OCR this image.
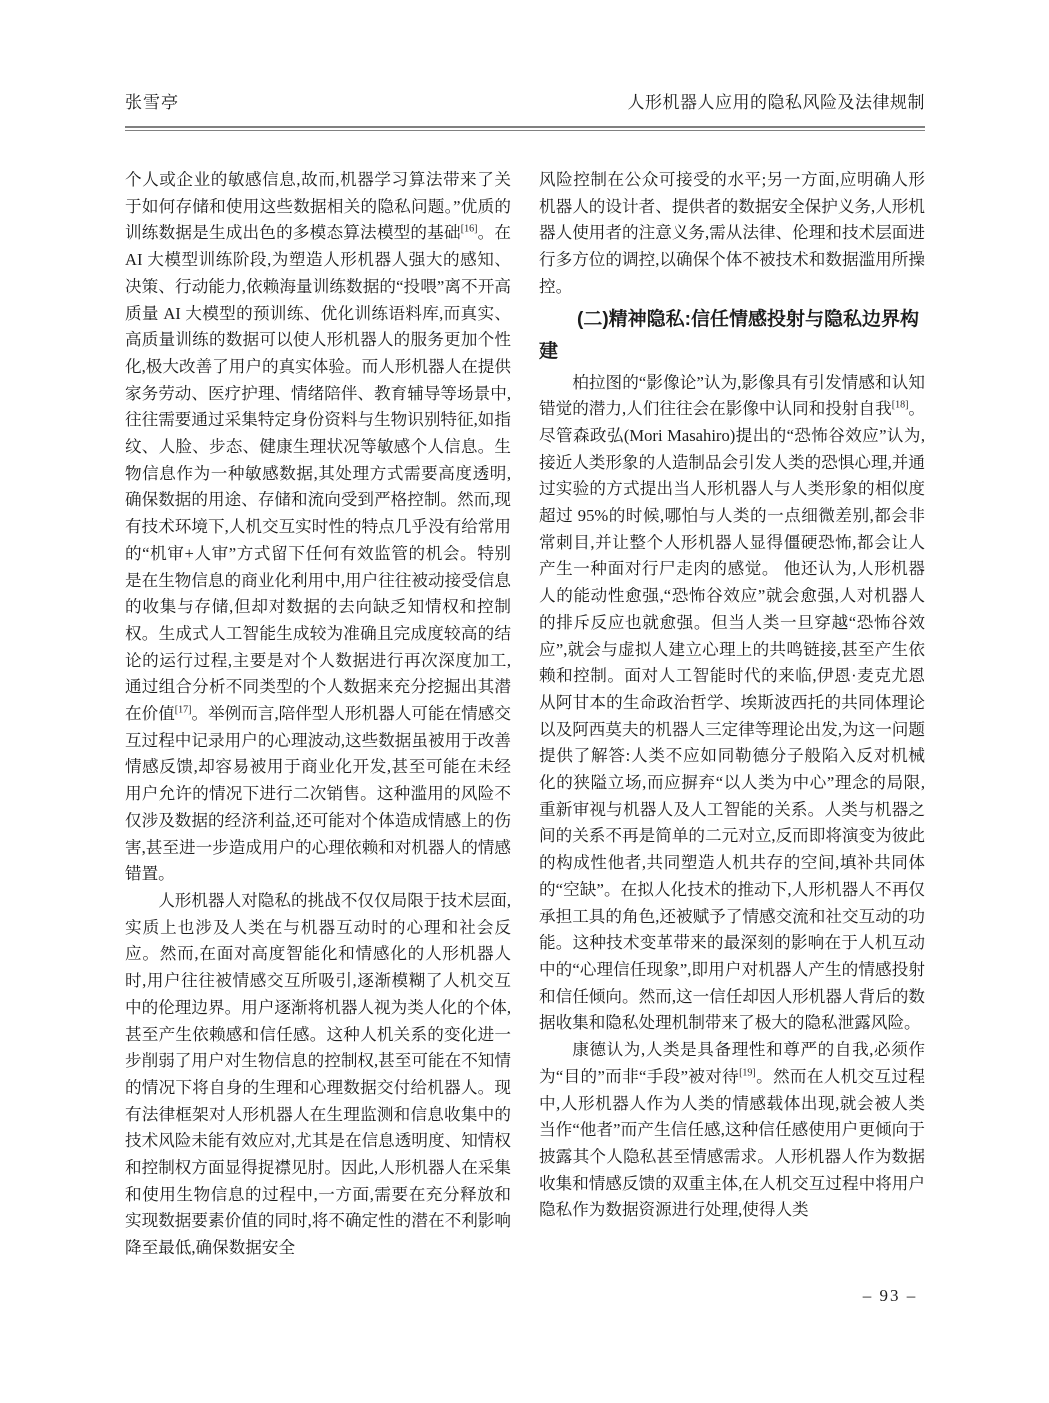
张雪亭	人形机器人应用的隐私风险及法律规制
个人或企业的敏感信息,故而,机器学习算法带来了关于如何存储和使用这些数据相关的隐私问题。”优质的训练数据是生成出色的多模态算法模型的基础[16]。在 AI 大模型训练阶段,为塑造人形机器人强大的感知、决策、行动能力,依赖海量训练数据的“投喂”离不开高质量 AI 大模型的预训练、优化训练语料库,而真实、高质量训练的数据可以使人形机器人的服务更加个性化,极大改善了用户的真实体验。而人形机器人在提供家务劳动、医疗护理、情绪陪伴、教育辅导等场景中,往往需要通过采集特定身份资料与生物识别特征,如指纹、人脸、步态、健康生理状况等敏感个人信息。生物信息作为一种敏感数据,其处理方式需要高度透明,确保数据的用途、存储和流向受到严格控制。然而,现有技术环境下,人机交互实时性的特点几乎没有给常用的“机审+人审”方式留下任何有效监管的机会。特别是在生物信息的商业化利用中,用户往往被动接受信息的收集与存储,但却对数据的去向缺乏知情权和控制权。生成式人工智能生成较为准确且完成度较高的结论的运行过程,主要是对个人数据进行再次深度加工,通过组合分析不同类型的个人数据来充分挖掘出其潜在价值[17]。举例而言,陪伴型人形机器人可能在情感交互过程中记录用户的心理波动,这些数据虽被用于改善情感反馈,却容易被用于商业化开发,甚至可能在未经用户允许的情况下进行二次销售。这种滥用的风险不仅涉及数据的经济利益,还可能对个体造成情感上的伤害,甚至进一步造成用户的心理依赖和对机器人的情感错置。
人形机器人对隐私的挑战不仅仅局限于技术层面,实质上也涉及人类在与机器互动时的心理和社会反应。然而,在面对高度智能化和情感化的人形机器人时,用户往往被情感交互所吸引,逐渐模糊了人机交互中的伦理边界。用户逐渐将机器人视为类人化的个体,甚至产生依赖感和信任感。这种人机关系的变化进一步削弱了用户对生物信息的控制权,甚至可能在不知情的情况下将自身的生理和心理数据交付给机器人。现有法律框架对人形机器人在生理监测和信息收集中的技术风险未能有效应对,尤其是在信息透明度、知情权和控制权方面显得捉襟见肘。因此,人形机器人在采集和使用生物信息的过程中,一方面,需要在充分释放和实现数据要素价值的同时,将不确定性的潜在不利影响降至最低,确保数据安全
风险控制在公众可接受的水平;另一方面,应明确人形机器人的设计者、提供者的数据安全保护义务,人形机器人使用者的注意义务,需从法律、伦理和技术层面进行多方位的调控,以确保个体不被技术和数据滥用所操控。
(二)精神隐私:信任情感投射与隐私边界构建
柏拉图的“影像论”认为,影像具有引发情感和认知错觉的潜力,人们往往会在影像中认同和投射自我[18]。尽管森政弘(Mori Masahiro)提出的“恐怖谷效应”认为,接近人类形象的人造制品会引发人类的恐惧心理,并通过实验的方式提出当人形机器人与人类形象的相似度超过 95%的时候,哪怕与人类的一点细微差别,都会非常刺目,并让整个人形机器人显得僵硬恐怖,都会让人产生一种面对行尸走肉的感觉。 他还认为,人形机器人的能动性愈强,“恐怖谷效应”就会愈强,人对机器人的排斥反应也就愈强。但当人类一旦穿越“恐怖谷效应”,就会与虚拟人建立心理上的共鸣链接,甚至产生依赖和控制。面对人工智能时代的来临,伊恩·麦克尤恩从阿甘本的生命政治哲学、埃斯波西托的共同体理论以及阿西莫夫的机器人三定律等理论出发,为这一问题提供了解答:人类不应如同勒德分子般陷入反对机械化的狭隘立场,而应摒弃“以人类为中心”理念的局限,重新审视与机器人及人工智能的关系。人类与机器之间的关系不再是简单的二元对立,反而即将演变为彼此的构成性他者,共同塑造人机共存的空间,填补共同体的“空缺”。在拟人化技术的推动下,人形机器人不再仅承担工具的角色,还被赋予了情感交流和社交互动的功能。这种技术变革带来的最深刻的影响在于人机互动中的“心理信任现象”,即用户对机器人产生的情感投射和信任倾向。然而,这一信任却因人形机器人背后的数据收集和隐私处理机制带来了极大的隐私泄露风险。
康德认为,人类是具备理性和尊严的自我,必须作为“目的”而非“手段”被对待[19]。然而在人机交互过程中,人形机器人作为人类的情感载体出现,就会被人类当作“他者”而产生信任感,这种信任感使用户更倾向于披露其个人隐私甚至情感需求。人形机器人作为数据收集和情感反馈的双重主体,在人机交互过程中将用户隐私作为数据资源进行处理,使得人类
– 93 –
